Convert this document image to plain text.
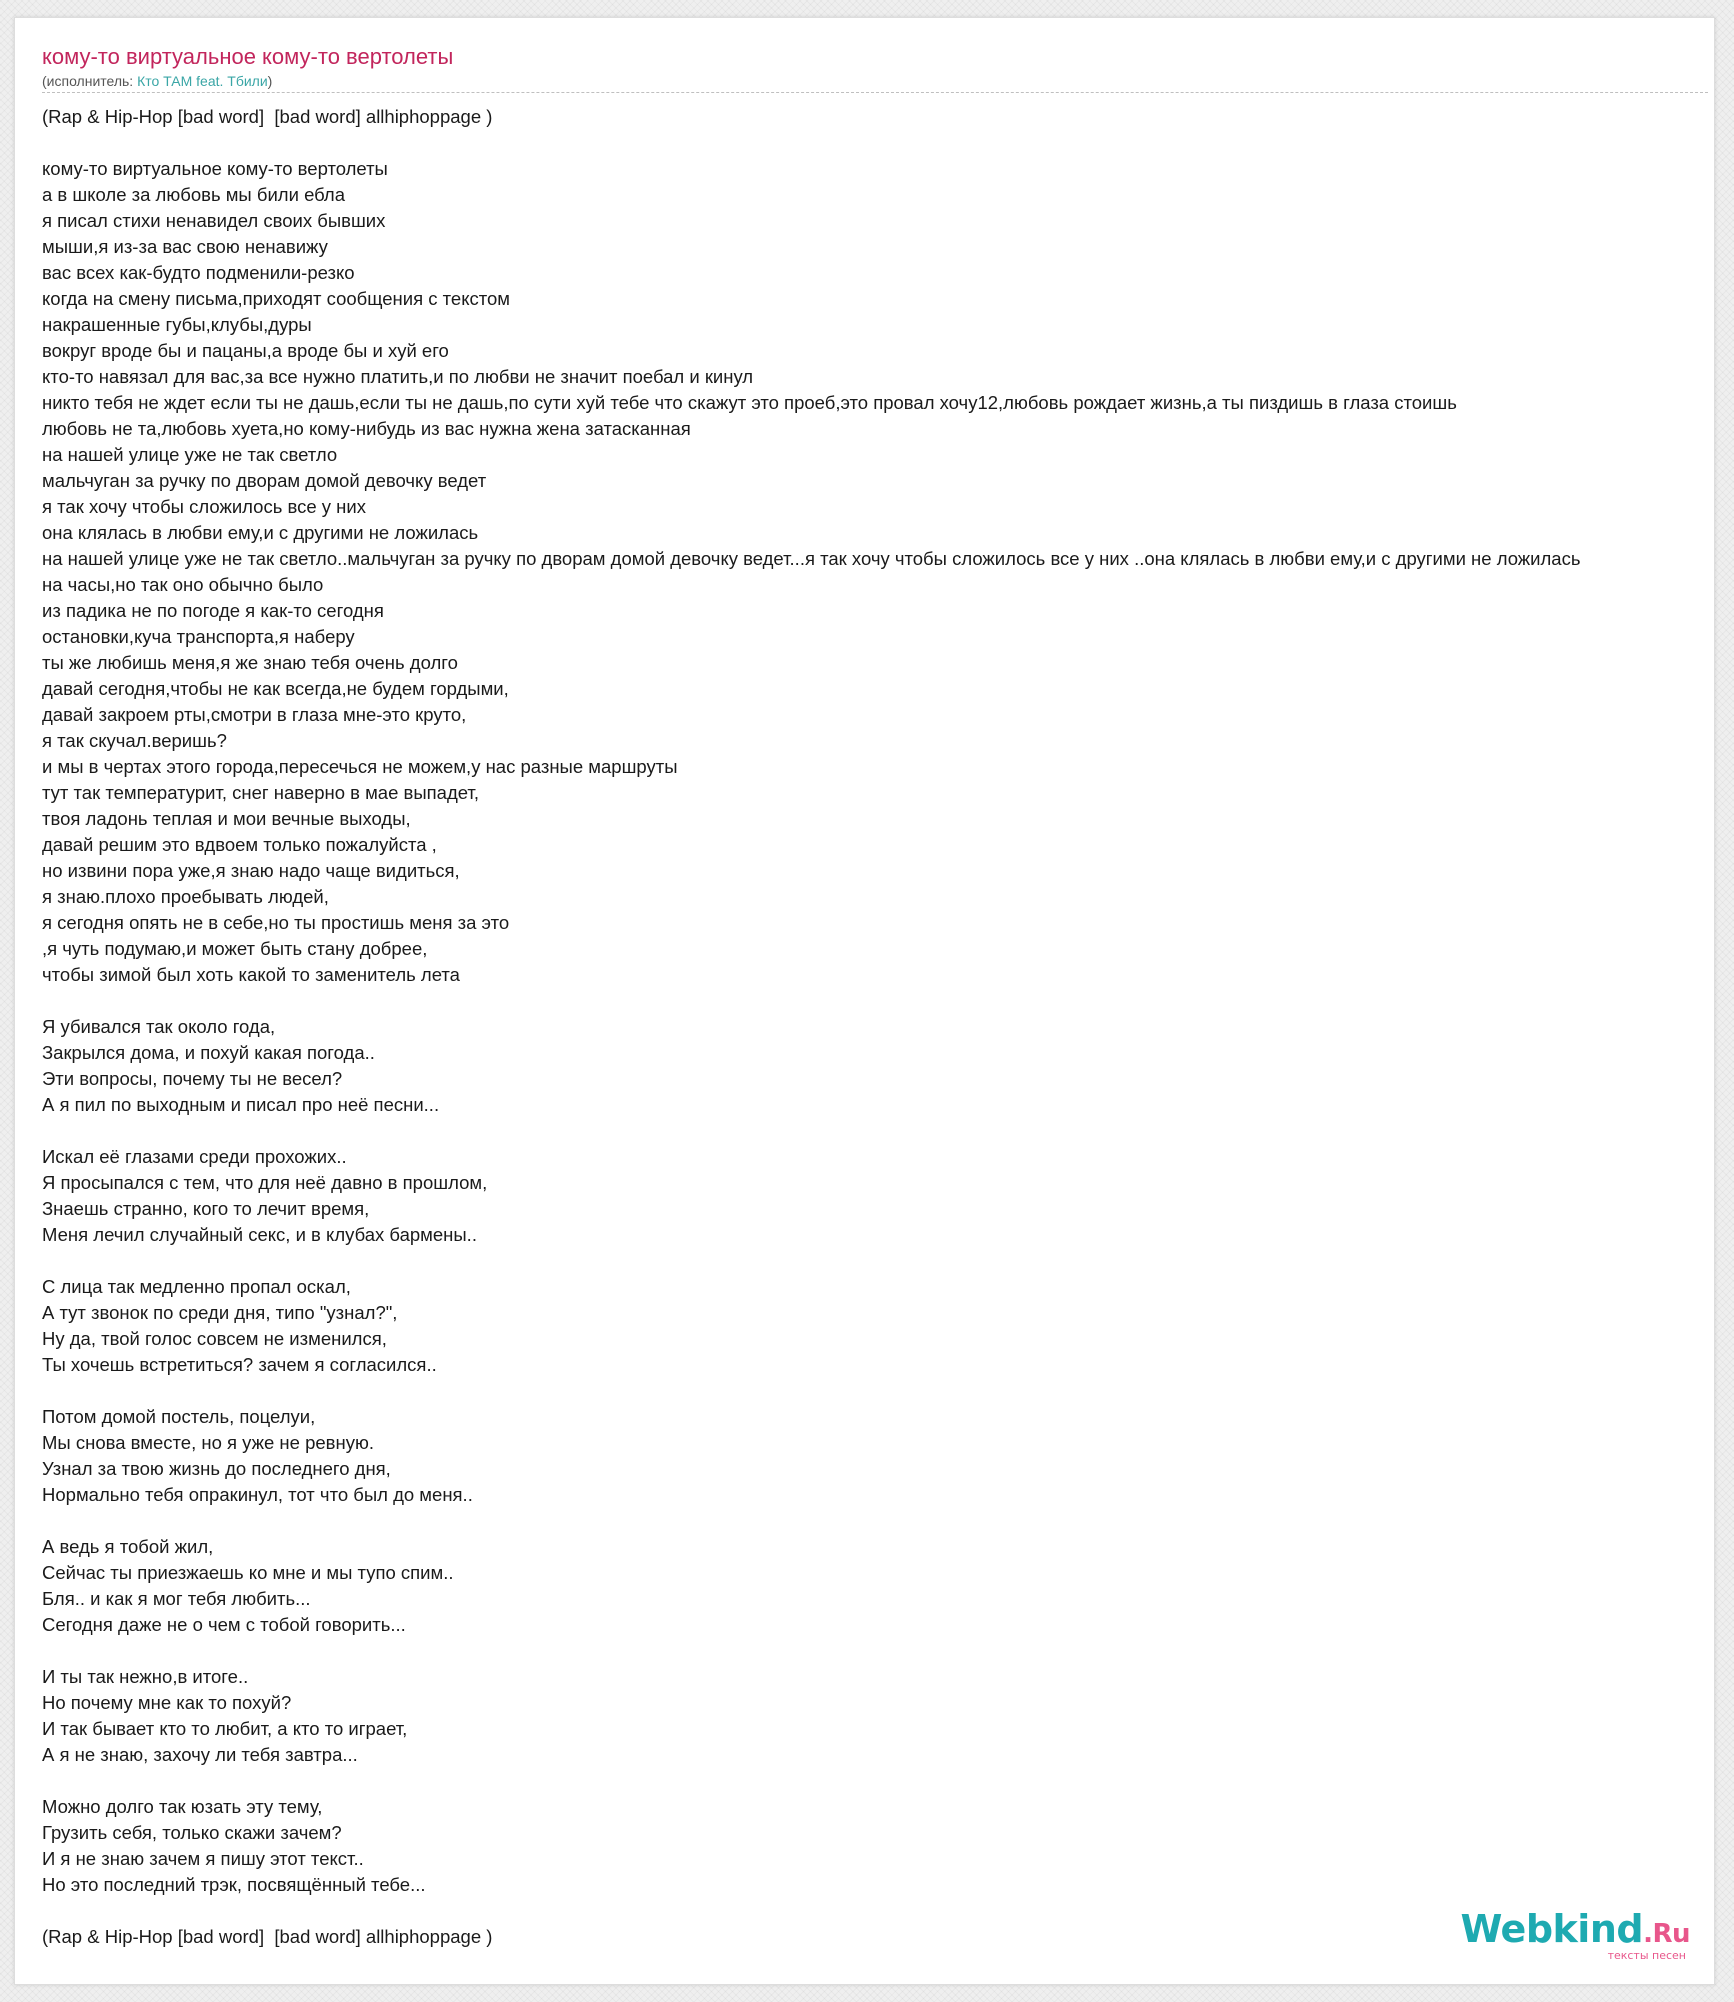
кому-то виртуальное кому-то вертолеты
(исполнитель: Кто ТАМ feat. Тбили)
(Rap & Hip-Hop [bad word]  [bad word] allhiphoppage )

кому-то виртуальное кому-то вертолеты
а в школе за любовь мы били ебла
я писал стихи ненавидел своих бывших
мыши,я из-за вас свою ненавижу
вас всех как-будто подменили-резко
когда на смену письма,приходят сообщения с текстом
накрашенные губы,клубы,дуры
вокруг вроде бы и пацаны,а вроде бы и хуй его
кто-то навязал для вас,за все нужно платить,и по любви не значит поебал и кинул
никто тебя не ждет если ты не дашь,если ты не дашь,по сути хуй тебе что скажут это проеб,это провал хочу12,любовь рождает жизнь,а ты пиздишь в глаза стоишь
любовь не та,любовь хуета,но кому-нибудь из вас нужна жена затасканная
на нашей улице уже не так светло
мальчуган за ручку по дворам домой девочку ведет
я так хочу чтобы сложилось все у них
она клялась в любви ему,и с другими не ложилась
на нашей улице уже не так светло..мальчуган за ручку по дворам домой девочку ведет...я так хочу чтобы сложилось все у них ..она клялась в любви ему,и с другими не ложилась
на часы,но так оно обычно было
из падика не по погоде я как-то сегодня
остановки,куча транспорта,я наберу
ты же любишь меня,я же знаю тебя очень долго
давай сегодня,чтобы не как всегда,не будем гордыми,
давай закроем рты,смотри в глаза мне-это круто,
я так скучал.веришь?
и мы в чертах этого города,пересечься не можем,у нас разные маршруты
тут так температурит, снег наверно в мае выпадет,
твоя ладонь теплая и мои вечные выходы,
давай решим это вдвоем только пожалуйста ,
но извини пора уже,я знаю надо чаще видиться,
я знаю.плохо проебывать людей,
я сегодня опять не в себе,но ты простишь меня за это
,я чуть подумаю,и может быть стану добрее,
чтобы зимой был хоть какой то заменитель лета

Я убивался так около года,
Закрылся дома, и похуй какая погода..
Эти вопросы, почему ты не весел?
А я пил по выходным и писал про неё песни...

Искал её глазами среди прохожих..
Я просыпался с тем, что для неё давно в прошлом,
Знаешь странно, кого то лечит время,
Меня лечил случайный секс, и в клубах бармены..

С лица так медленно пропал оскал,
А тут звонок по среди дня, типо "узнал?",
Ну да, твой голос совсем не изменился,
Ты хочешь встретиться? зачем я согласился..

Потом домой постель, поцелуи,
Мы снова вместе, но я уже не ревную.
Узнал за твою жизнь до последнего дня,
Нормально тебя опракинул, тот что был до меня..

А ведь я тобой жил,
Сейчас ты приезжаешь ко мне и мы тупо спим..
Бля.. и как я мог тебя любить...
Сегодня даже не о чем с тобой говорить...

И ты так нежно,в итоге..
Но почему мне как то похуй?
И так бывает кто то любит, а кто то играет,
А я не знаю, захочу ли тебя завтра...

Можно долго так юзать эту тему,
Грузить себя, только скажи зачем?
И я не знаю зачем я пишу этот текст..
Но это последний трэк, посвящённый тебе...

(Rap & Hip-Hop [bad word]  [bad word] allhiphoppage )	Webkind.Ru
тексты песен
